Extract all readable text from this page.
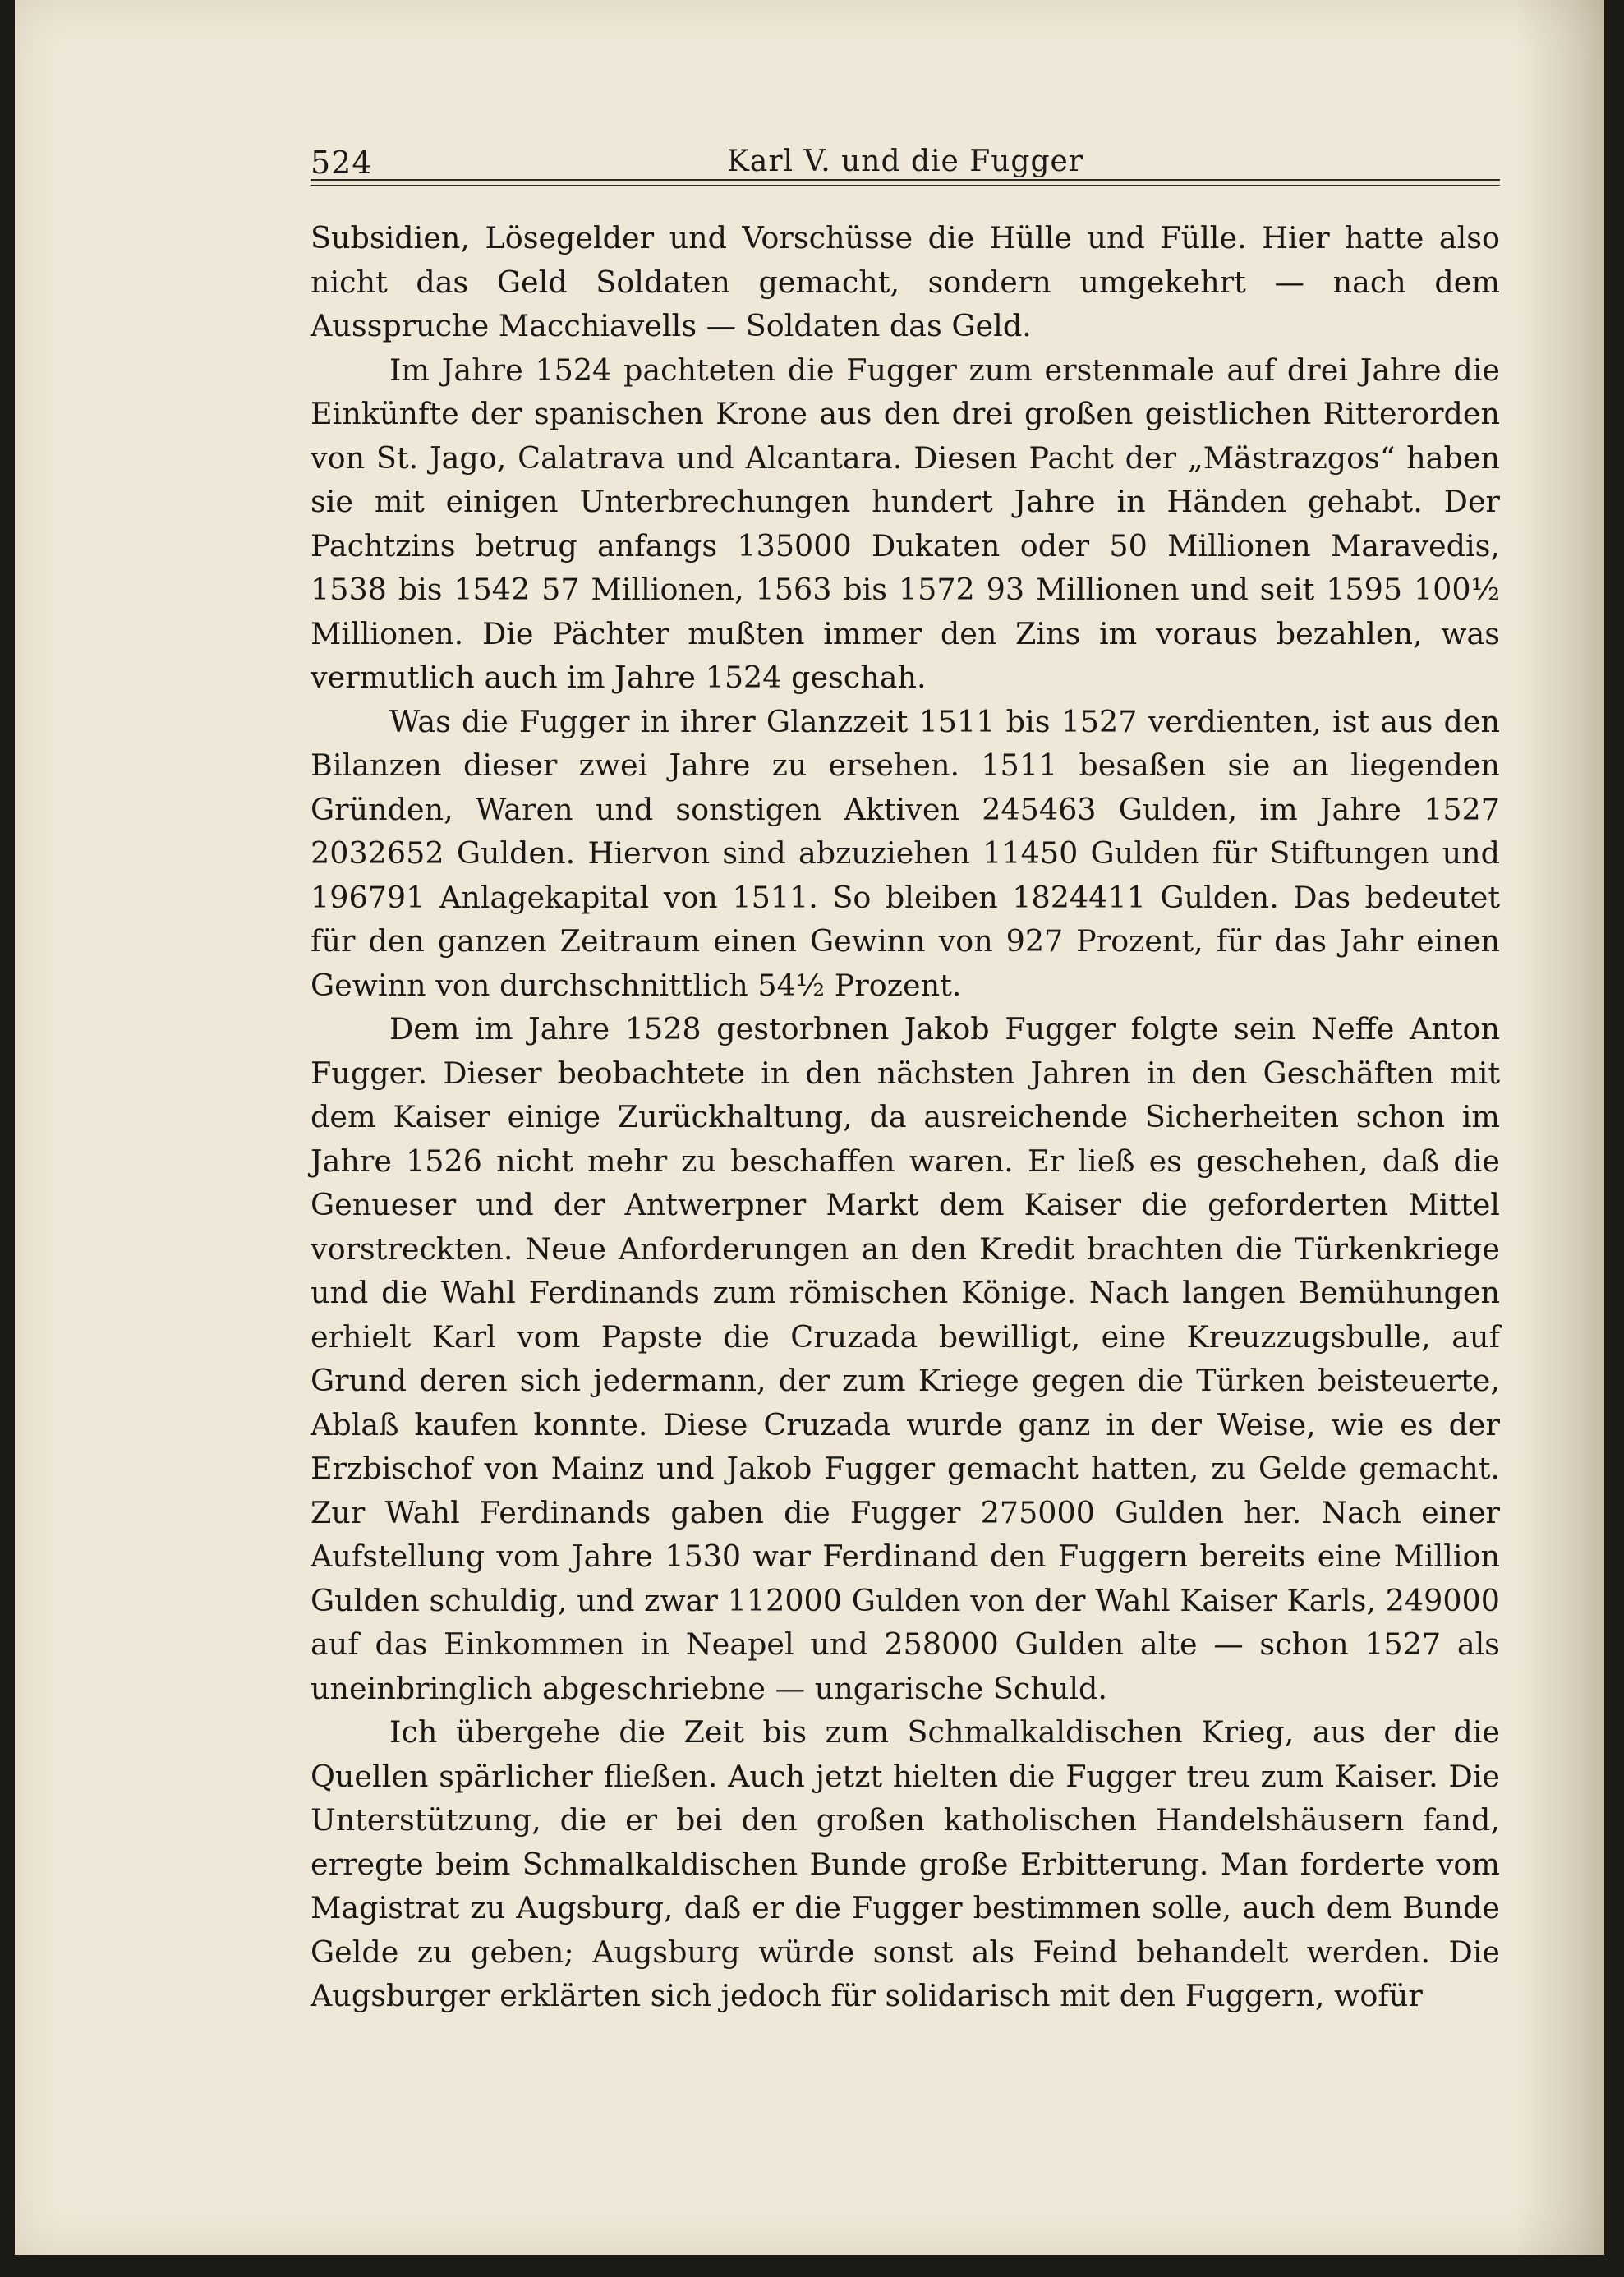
524	Karl V. und die Fugger

Subsidien, Lösegelder und Vorschüsse die Hülle und Fülle. Hier hatte also nicht das Geld Soldaten gemacht, sondern umgekehrt — nach dem Ausspruche Macchiavells — Soldaten das Geld.

Im Jahre 1524 pachteten die Fugger zum erstenmale auf drei Jahre die Einkünfte der spanischen Krone aus den drei großen geistlichen Ritterorden von St. Jago, Calatrava und Alcantara. Diesen Pacht der „Mästrazgos“ haben sie mit einigen Unterbrechungen hundert Jahre in Händen gehabt. Der Pachtzins betrug anfangs 135000 Dukaten oder 50 Millionen Maravedis, 1538 bis 1542 57 Millionen, 1563 bis 1572 93 Millionen und seit 1595 100½ Millionen. Die Pächter mußten immer den Zins im voraus bezahlen, was vermutlich auch im Jahre 1524 geschah.

Was die Fugger in ihrer Glanzzeit 1511 bis 1527 verdienten, ist aus den Bilanzen dieser zwei Jahre zu ersehen. 1511 besaßen sie an liegenden Gründen, Waren und sonstigen Aktiven 245463 Gulden, im Jahre 1527 2032652 Gulden. Hiervon sind abzuziehen 11450 Gulden für Stiftungen und 196791 Anlagekapital von 1511. So bleiben 1824411 Gulden. Das bedeutet für den ganzen Zeitraum einen Gewinn von 927 Prozent, für das Jahr einen Gewinn von durchschnittlich 54½ Prozent.

Dem im Jahre 1528 gestorbnen Jakob Fugger folgte sein Neffe Anton Fugger. Dieser beobachtete in den nächsten Jahren in den Geschäften mit dem Kaiser einige Zurückhaltung, da ausreichende Sicherheiten schon im Jahre 1526 nicht mehr zu beschaffen waren. Er ließ es geschehen, daß die Genueser und der Antwerpner Markt dem Kaiser die geforderten Mittel vorstreckten. Neue Anforderungen an den Kredit brachten die Türkenkriege und die Wahl Ferdinands zum römischen Könige. Nach langen Bemühungen erhielt Karl vom Papste die Cruzada bewilligt, eine Kreuzzugsbulle, auf Grund deren sich jedermann, der zum Kriege gegen die Türken beisteuerte, Ablaß kaufen konnte. Diese Cruzada wurde ganz in der Weise, wie es der Erzbischof von Mainz und Jakob Fugger gemacht hatten, zu Gelde gemacht. Zur Wahl Ferdinands gaben die Fugger 275000 Gulden her. Nach einer Aufstellung vom Jahre 1530 war Ferdinand den Fuggern bereits eine Million Gulden schuldig, und zwar 112000 Gulden von der Wahl Kaiser Karls, 249000 auf das Einkommen in Neapel und 258000 Gulden alte — schon 1527 als uneinbringlich abgeschriebne — ungarische Schuld.

Ich übergehe die Zeit bis zum Schmalkaldischen Krieg, aus der die Quellen spärlicher fließen. Auch jetzt hielten die Fugger treu zum Kaiser. Die Unterstützung, die er bei den großen katholischen Handelshäusern fand, erregte beim Schmalkaldischen Bunde große Erbitterung. Man forderte vom Magistrat zu Augsburg, daß er die Fugger bestimmen solle, auch dem Bunde Gelde zu geben; Augsburg würde sonst als Feind behandelt werden. Die Augsburger erklärten sich jedoch für solidarisch mit den Fuggern, wofür
